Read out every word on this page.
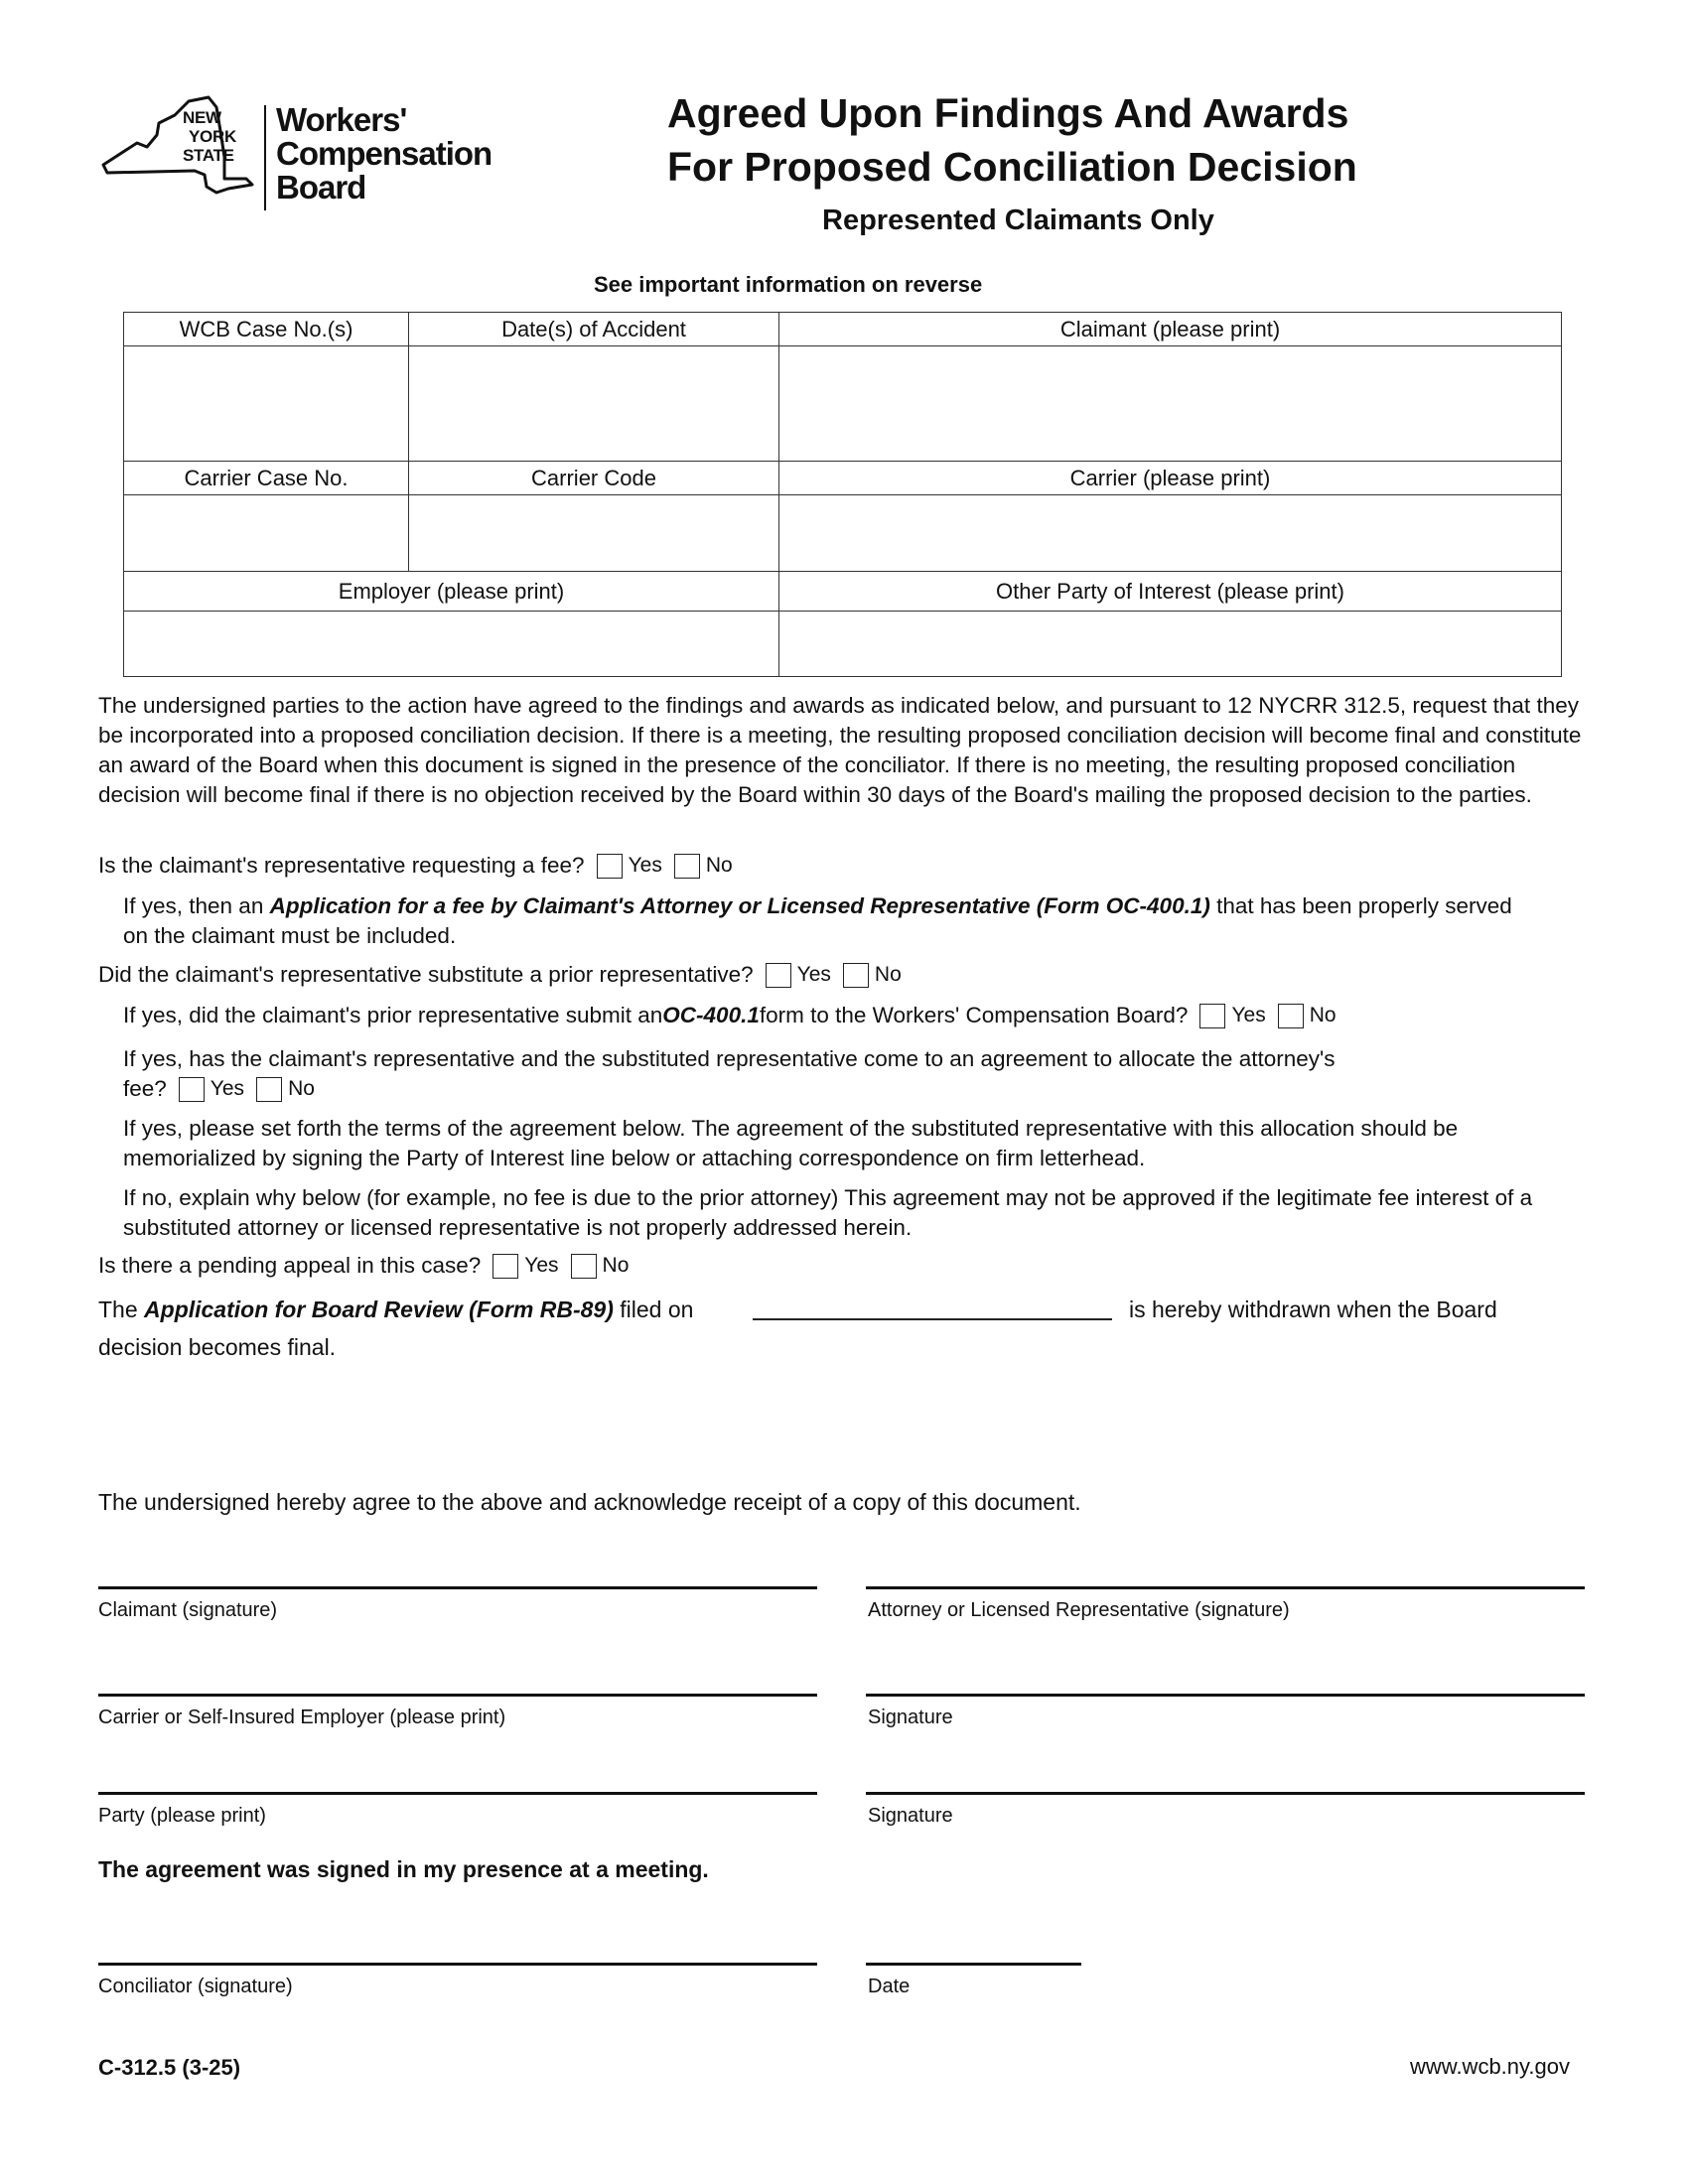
NEW
YORK
STATE
Workers'
Compensation
Board
Agreed Upon Findings And Awards
For Proposed Conciliation Decision
Represented Claimants Only
See important information on reverse
WCB Case No.(s)	Date(s) of Accident	Claimant (please print)

Carrier Case No.	Carrier Code	Carrier (please print)

Employer (please print)		Other Party of Interest (please print)

The undersigned parties to the action have agreed to the findings and awards as indicated below, and pursuant to 12 NYCRR 312.5, request that they be incorporated into a proposed conciliation decision. If there is a meeting, the resulting proposed conciliation decision will become final and constitute an award of the Board when this document is signed in the presence of the conciliator. If there is no meeting, the resulting proposed conciliation decision will become final if there is no objection received by the Board within 30 days of the Board's mailing the proposed decision to the parties.
Is the claimant's representative requesting a fee? Yes No
If yes, then an Application for a fee by Claimant's Attorney or Licensed Representative (Form OC-400.1) that has been properly served on the claimant must be included.
Did the claimant's representative substitute a prior representative? Yes No
If yes, did the claimant's prior representative submit an OC-400.1 form to the Workers' Compensation Board? Yes No
If yes, has the claimant's representative and the substituted representative come to an agreement to allocate the attorney's
fee? Yes No
If yes, please set forth the terms of the agreement below. The agreement of the substituted representative with this allocation should be memorialized by signing the Party of Interest line below or attaching correspondence on firm letterhead.
If no, explain why below (for example, no fee is due to the prior attorney) This agreement may not be approved if the legitimate fee interest of a substituted attorney or licensed representative is not properly addressed herein.
Is there a pending appeal in this case? Yes No
The Application for Board Review (Form RB-89) filed on	is hereby withdrawn when the Board
decision becomes final.
The undersigned hereby agree to the above and acknowledge receipt of a copy of this document.
Claimant (signature)	Attorney or Licensed Representative (signature)
Carrier or Self-Insured Employer (please print)	Signature
Party (please print)	Signature
The agreement was signed in my presence at a meeting.
Conciliator (signature)	Date
C-312.5 (3-25)	www.wcb.ny.gov
